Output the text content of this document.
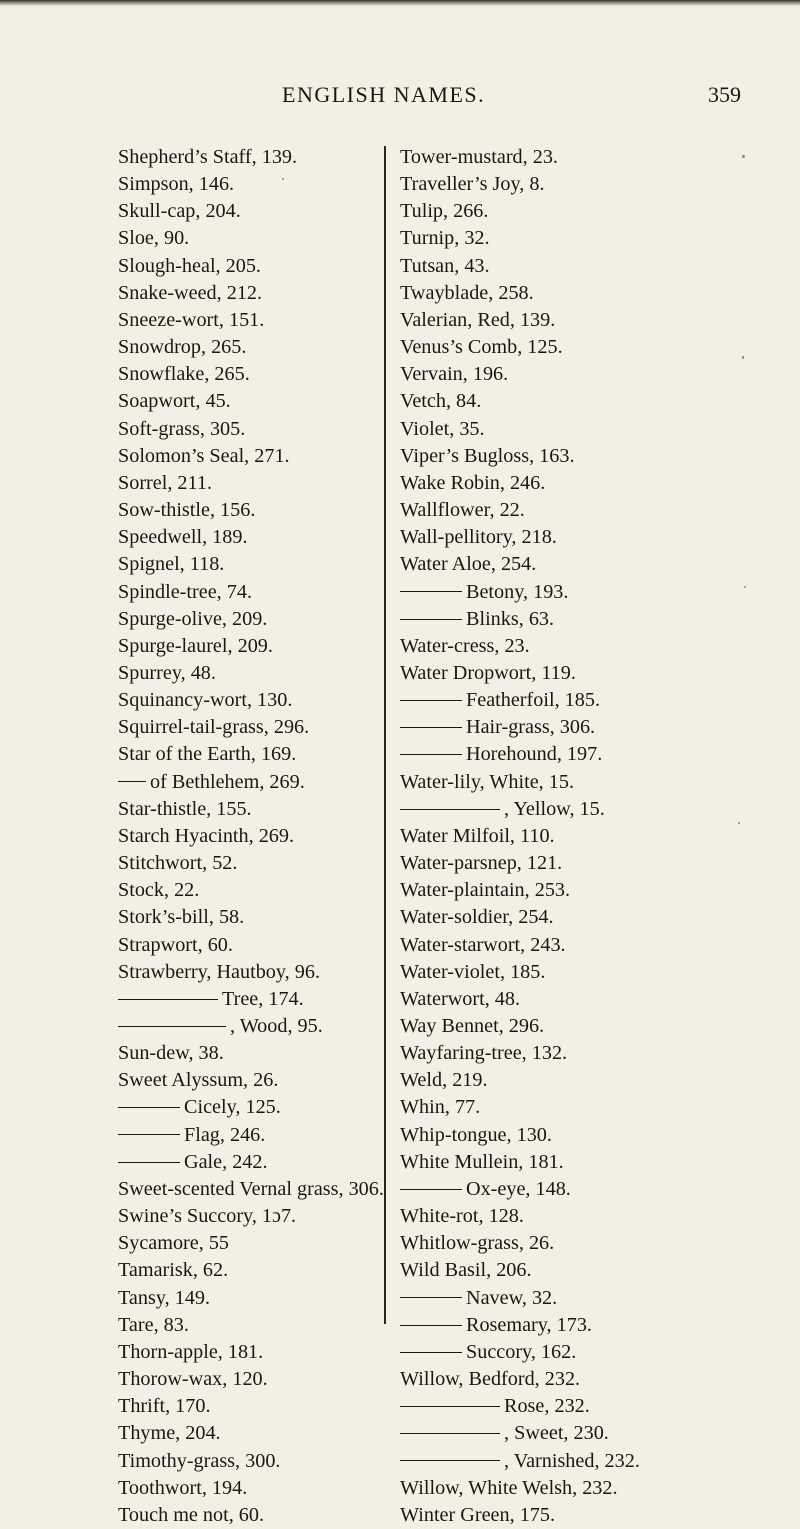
ENGLISH NAMES.	359
Shepherd’s Staff, 139.
Simpson, 146.
Skull-cap, 204.
Sloe, 90.
Slough-heal, 205.
Snake-weed, 212.
Sneeze-wort, 151.
Snowdrop, 265.
Snowflake, 265.
Soapwort, 45.
Soft-grass, 305.
Solomon’s Seal, 271.
Sorrel, 211.
Sow-thistle, 156.
Speedwell, 189.
Spignel, 118.
Spindle-tree, 74.
Spurge-olive, 209.
Spurge-laurel, 209.
Spurrey, 48.
Squinancy-wort, 130.
Squirrel-tail-grass, 296.
Star of the Earth, 169.
of Bethlehem, 269.
Star-thistle, 155.
Starch Hyacinth, 269.
Stitchwort, 52.
Stock, 22.
Stork’s-bill, 58.
Strapwort, 60.
Strawberry, Hautboy, 96.
Tree, 174.
, Wood, 95.
Sun-dew, 38.
Sweet Alyssum, 26.
Cicely, 125.
Flag, 246.
Gale, 242.
Sweet-scented Vernal grass, 306.
Swine’s Succory, 1ɔ7.
Sycamore, 55
Tamarisk, 62.
Tansy, 149.
Tare, 83.
Thorn-apple, 181.
Thorow-wax, 120.
Thrift, 170.
Thyme, 204.
Timothy-grass, 300.
Toothwort, 194.
Touch me not, 60.
Tower-mustard, 23.
Traveller’s Joy, 8.
Tulip, 266.
Turnip, 32.
Tutsan, 43.
Twayblade, 258.
Valerian, Red, 139.
Venus’s Comb, 125.
Vervain, 196.
Vetch, 84.
Violet, 35.
Viper’s Bugloss, 163.
Wake Robin, 246.
Wallflower, 22.
Wall-pellitory, 218.
Water Aloe, 254.
Betony, 193.
Blinks, 63.
Water-cress, 23.
Water Dropwort, 119.
Featherfoil, 185.
Hair-grass, 306.
Horehound, 197.
Water-lily, White, 15.
, Yellow, 15.
Water Milfoil, 110.
Water-parsnep, 121.
Water-plaintain, 253.
Water-soldier, 254.
Water-starwort, 243.
Water-violet, 185.
Waterwort, 48.
Way Bennet, 296.
Wayfaring-tree, 132.
Weld, 219.
Whin, 77.
Whip-tongue, 130.
White Mullein, 181.
Ox-eye, 148.
White-rot, 128.
Whitlow-grass, 26.
Wild Basil, 206.
Navew, 32.
Rosemary, 173.
Succory, 162.
Willow, Bedford, 232.
Rose, 232.
, Sweet, 230.
, Varnished, 232.
Willow, White Welsh, 232.
Winter Green, 175.
